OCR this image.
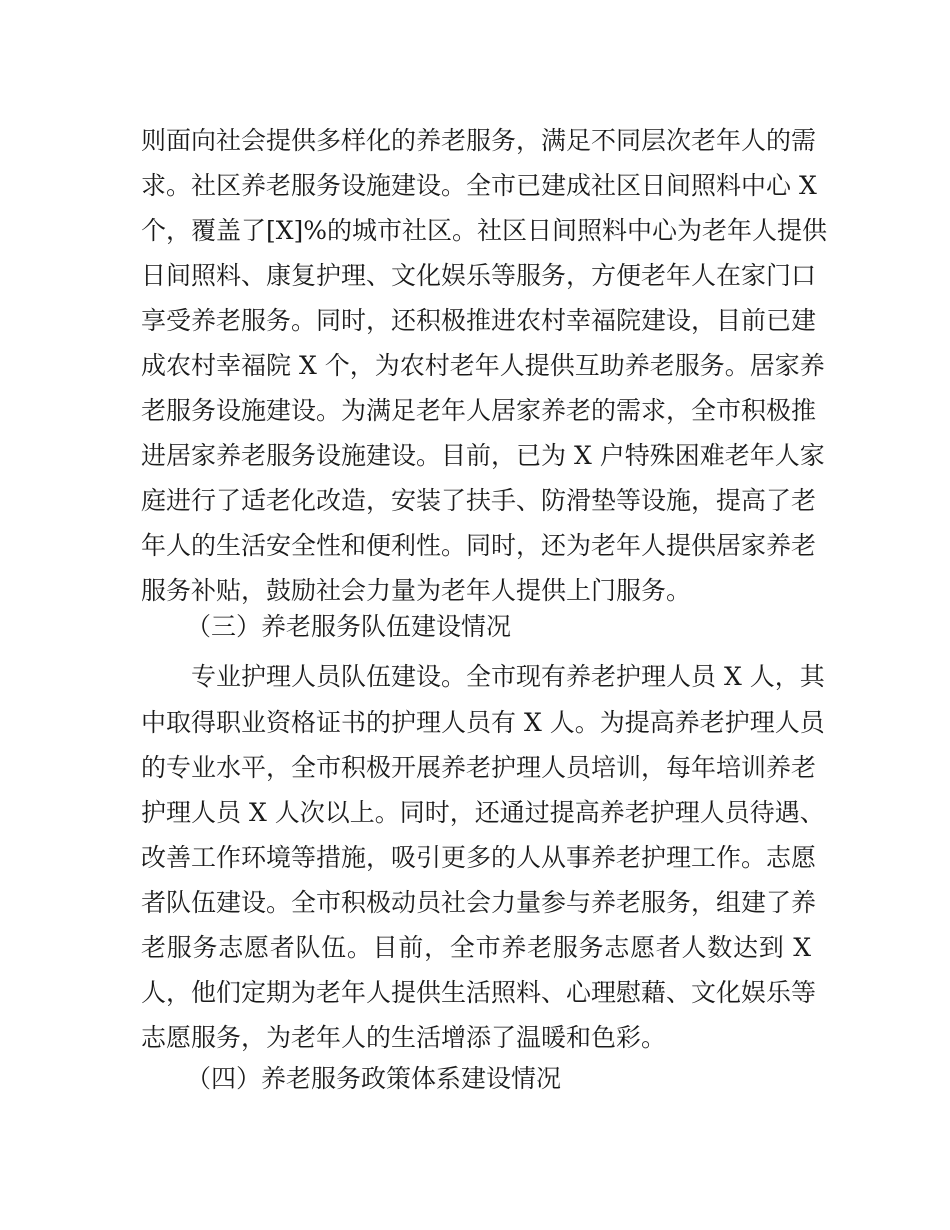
则面向社会提供多样化的养老服务，满足不同层次老年人的需
求。社区养老服务设施建设。全市已建成社区日间照料中心 X
个，覆盖了[X]%的城市社区。社区日间照料中心为老年人提供
日间照料、康复护理、文化娱乐等服务，方便老年人在家门口
享受养老服务。同时，还积极推进农村幸福院建设，目前已建
成农村幸福院 X 个，为农村老年人提供互助养老服务。居家养
老服务设施建设。为满足老年人居家养老的需求，全市积极推
进居家养老服务设施建设。目前，已为 X 户特殊困难老年人家
庭进行了适老化改造，安装了扶手、防滑垫等设施，提高了老
年人的生活安全性和便利性。同时，还为老年人提供居家养老
服务补贴，鼓励社会力量为老年人提供上门服务。
（三）养老服务队伍建设情况
专业护理人员队伍建设。全市现有养老护理人员 X 人，其
中取得职业资格证书的护理人员有 X 人。为提高养老护理人员
的专业水平，全市积极开展养老护理人员培训，每年培训养老
护理人员 X 人次以上。同时，还通过提高养老护理人员待遇、
改善工作环境等措施，吸引更多的人从事养老护理工作。志愿
者队伍建设。全市积极动员社会力量参与养老服务，组建了养
老服务志愿者队伍。目前，全市养老服务志愿者人数达到 X
人，他们定期为老年人提供生活照料、心理慰藉、文化娱乐等
志愿服务，为老年人的生活增添了温暖和色彩。
（四）养老服务政策体系建设情况
